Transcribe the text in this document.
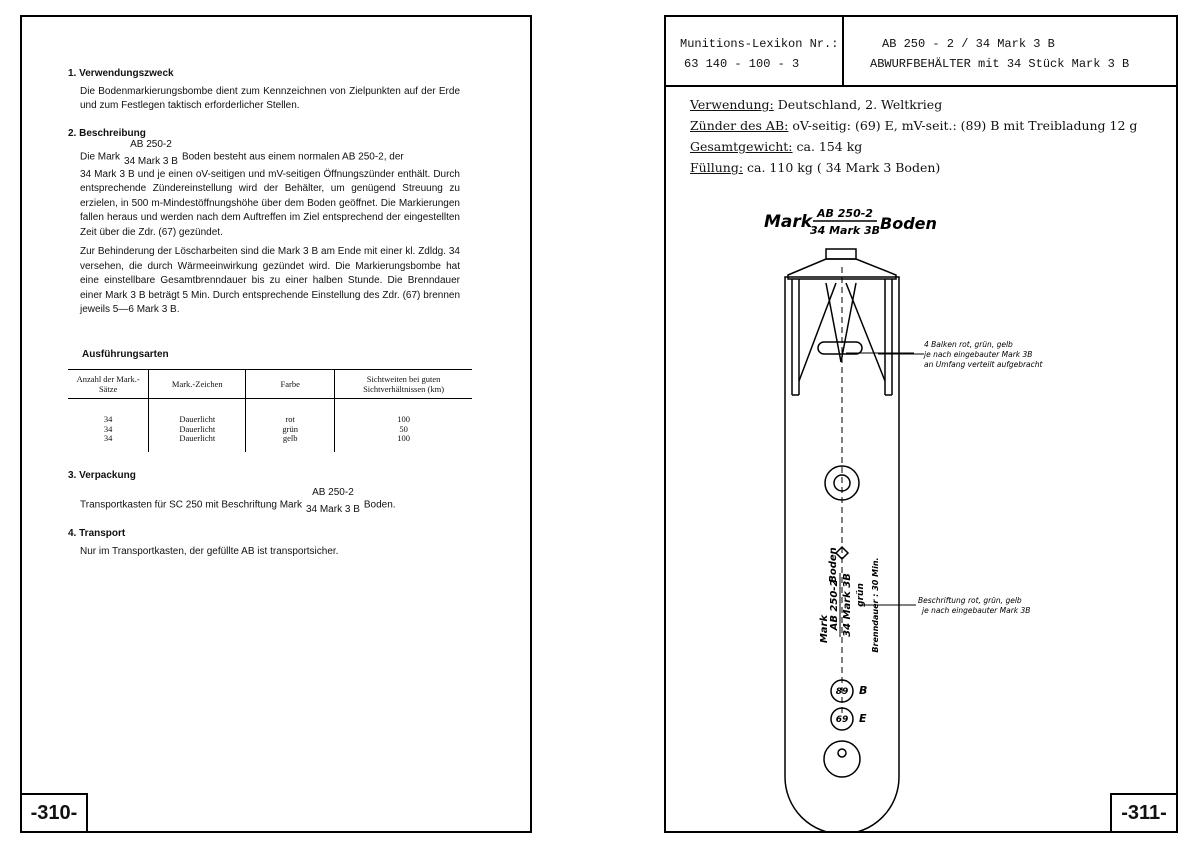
1. Verwendungszweck

Die Bodenmarkierungsbombe dient zum Kennzeichnen von Zielpunkten auf der Erde und zum Festlegen taktisch erforderlicher Stellen.

2. Beschreibung
Die Mark
AB 250-2
34 Mark 3 B Boden besteht aus einem normalen AB 250-2, der

34 Mark 3 B und je einen oV-seitigen und mV-seitigen Öffnungszünder enthält. Durch entsprechende Zündereinstellung wird der Behälter, um genügend Streuung zu erzielen, in 500 m-Mindestöffnungshöhe über dem Boden geöffnet. Die Markierungen fallen heraus und werden nach dem Auftreffen im Ziel entsprechend der eingestellten Zeit über die Zdr. (67) gezündet.

Zur Behinderung der Löscharbeiten sind die Mark 3 B am Ende mit einer kl. Zdldg. 34 versehen, die durch Wärmeeinwirkung gezündet wird. Die Markierungsbombe hat eine einstellbare Gesamtbrenndauer bis zu einer halben Stunde. Die Brenndauer einer Mark 3 B beträgt 5 Min. Durch entsprechende Einstellung des Zdr. (67) brennen jeweils 5—6 Mark 3 B.

Ausführungsarten
Anzahl der Mark.-Sätze	Mark.-Zeichen	Farbe	Sichtweiten bei guten Sichtverhältnissen (km)
34	Dauerlicht	rot	100
34	Dauerlicht	grün	50
34	Dauerlicht	gelb	100
3. Verpackung
Transportkasten für SC 250 mit Beschriftung Mark
AB 250-2
34 Mark 3 B Boden.
4. Transport

Nur im Transportkasten, der gefüllte AB ist transportsicher.

-310-
Munitions-Lexikon Nr.:
63 140 - 100 - 3
AB 250 - 2 / 34 Mark 3 B
ABWURFBEHÄLTER mit 34 Stück Mark 3 B
Verwendung: Deutschland, 2. Weltkrieg
Zünder des AB: oV-seitig: (69) E, mV-seit.: (89) B mit Treibladung 12 g
Gesamtgewicht: ca. 154 kg
Füllung: ca. 110 kg ( 34 Mark 3 Boden)
Mark AB 250-2
34 Mark 3B Boden
89 B
69 E
Mark AB 250-2 34 Mark 3B
Boden
grün Brenndauer : 30 Min.
4 Balken rot, grün, gelb
je nach eingebauter Mark 3B
an Umfang verteilt aufgebracht
Beschriftung rot, grün, gelb
je nach eingebauter Mark 3B
-311-
